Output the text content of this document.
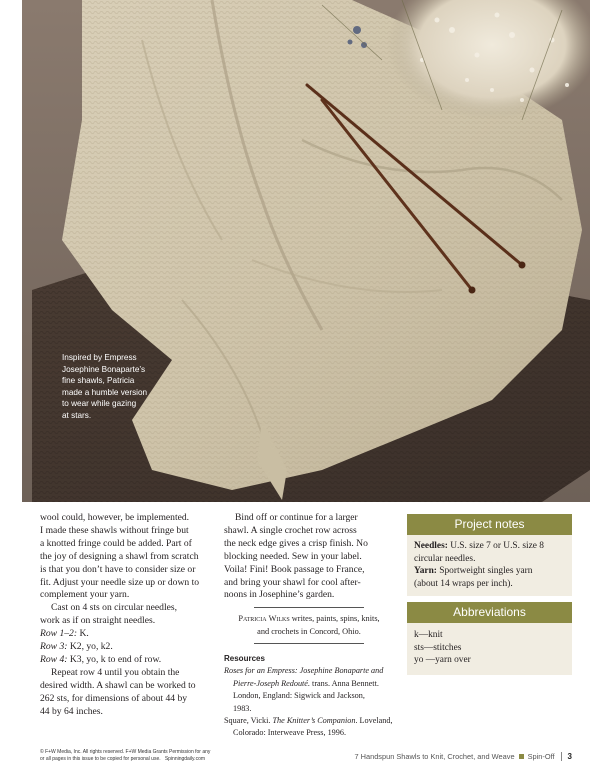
Inspired by Empress
Josephine Bonaparte’s
fine shawls, Patricia
made a humble version
to wear while gazing
at stars.
wool could, however, be implemented.
I made these shawls without fringe but
a knotted fringe could be added. Part of
the joy of designing a shawl from scratch
is that you don’t have to consider size or
fit. Adjust your needle size up or down to
complement your yarn.
Cast on 4 sts on circular needles,
work as if on straight needles.
Row 1–2: K.
Row 3: K2, yo, k2.
Row 4: K3, yo, k to end of row.
Repeat row 4 until you obtain the
desired width. A shawl can be worked to
262 sts, for dimensions of about 44 by
44 by 64 inches.
Bind off or continue for a larger
shawl. A single crochet row across
the neck edge gives a crisp finish. No
blocking needed. Sew in your label.
Voila! Fini! Book passage to France,
and bring your shawl for cool after-
noons in Josephine’s garden.
Patricia Wilks writes, paints, spins, knits,
and crochets in Concord, Ohio.
Resources
Roses for an Empress: Josephine Bonaparte and
Pierre-Joseph Redouté. trans. Anna Bennett.
London, England: Sigwick and Jackson,
1983.
Square, Vicki. The Knitter’s Companion. Loveland,
Colorado: Interweave Press, 1996.
Project notes
Needles: U.S. size 7 or U.S. size 8
circular needles.
Yarn: Sportweight singles yarn
(about 14 wraps per inch).
Abbreviations
k—knit
sts—stitches
yo —yarn over
© F+W Media, Inc. All rights reserved. F+W Media Grants Permission for any
or all pages in this issue to be copied for personal use. Spinningdaily.com	7 Handspun Shawls to Knit, Crochet, and Weave Spin-Off 3
